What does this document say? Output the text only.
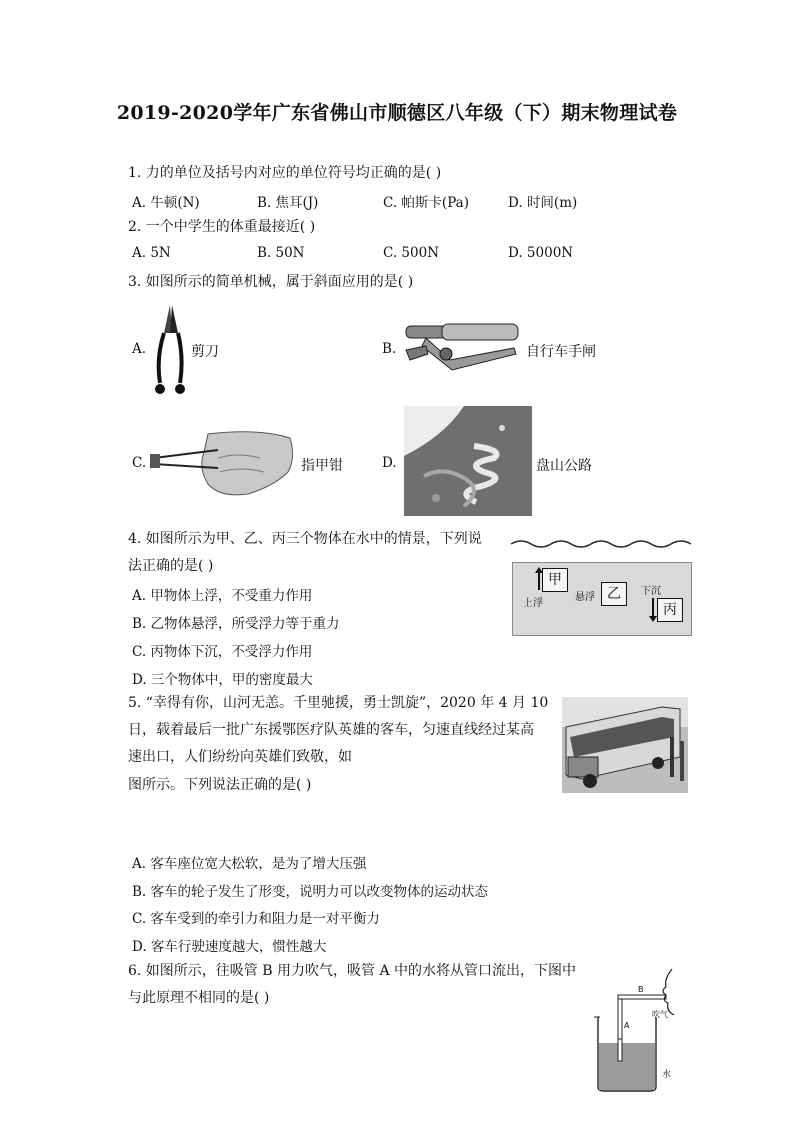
2019-2020学年广东省佛山市顺德区八年级（下）期末物理试卷
1. 力的单位及括号内对应的单位符号均正确的是( )
A. 牛顿(N)	B. 焦耳(J)	C. 帕斯卡(Pa)	D. 时间(m)
2. 一个中学生的体重最接近( )
A. 5N	B. 50N	C. 500N	D. 5000N
3. 如图所示的简单机械，属于斜面应用的是( )
A.	剪刀	B.	自行车手闸
C.	指甲钳	D.	盘山公路
4. 如图所示为甲、乙、丙三个物体在水中的情景，下列说
法正确的是( )
A. 甲物体上浮，不受重力作用
B. 乙物体悬浮，所受浮力等于重力
C. 丙物体下沉，不受浮力作用
D. 三个物体中，甲的密度最大
甲
上浮
悬浮 乙	下沉
丙
5. “幸得有你，山河无恙。千里驰援，勇士凯旋”，2020 年 4 月 10
日，载着最后一批广东援鄂医疗队英雄的客车，匀速直线经过某高
速出口，人们纷纷向英雄们致敬，如
图所示。下列说法正确的是( )
A. 客车座位宽大松软，是为了增大压强
B. 客车的轮子发生了形变，说明力可以改变物体的运动状态
C. 客车受到的牵引力和阻力是一对平衡力
D. 客车行驶速度越大，惯性越大
6. 如图所示，往吸管 B 用力吹气，吸管 A 中的水将从管口流出，下图中
与此原理不相同的是( )
B
A
吹气
水
